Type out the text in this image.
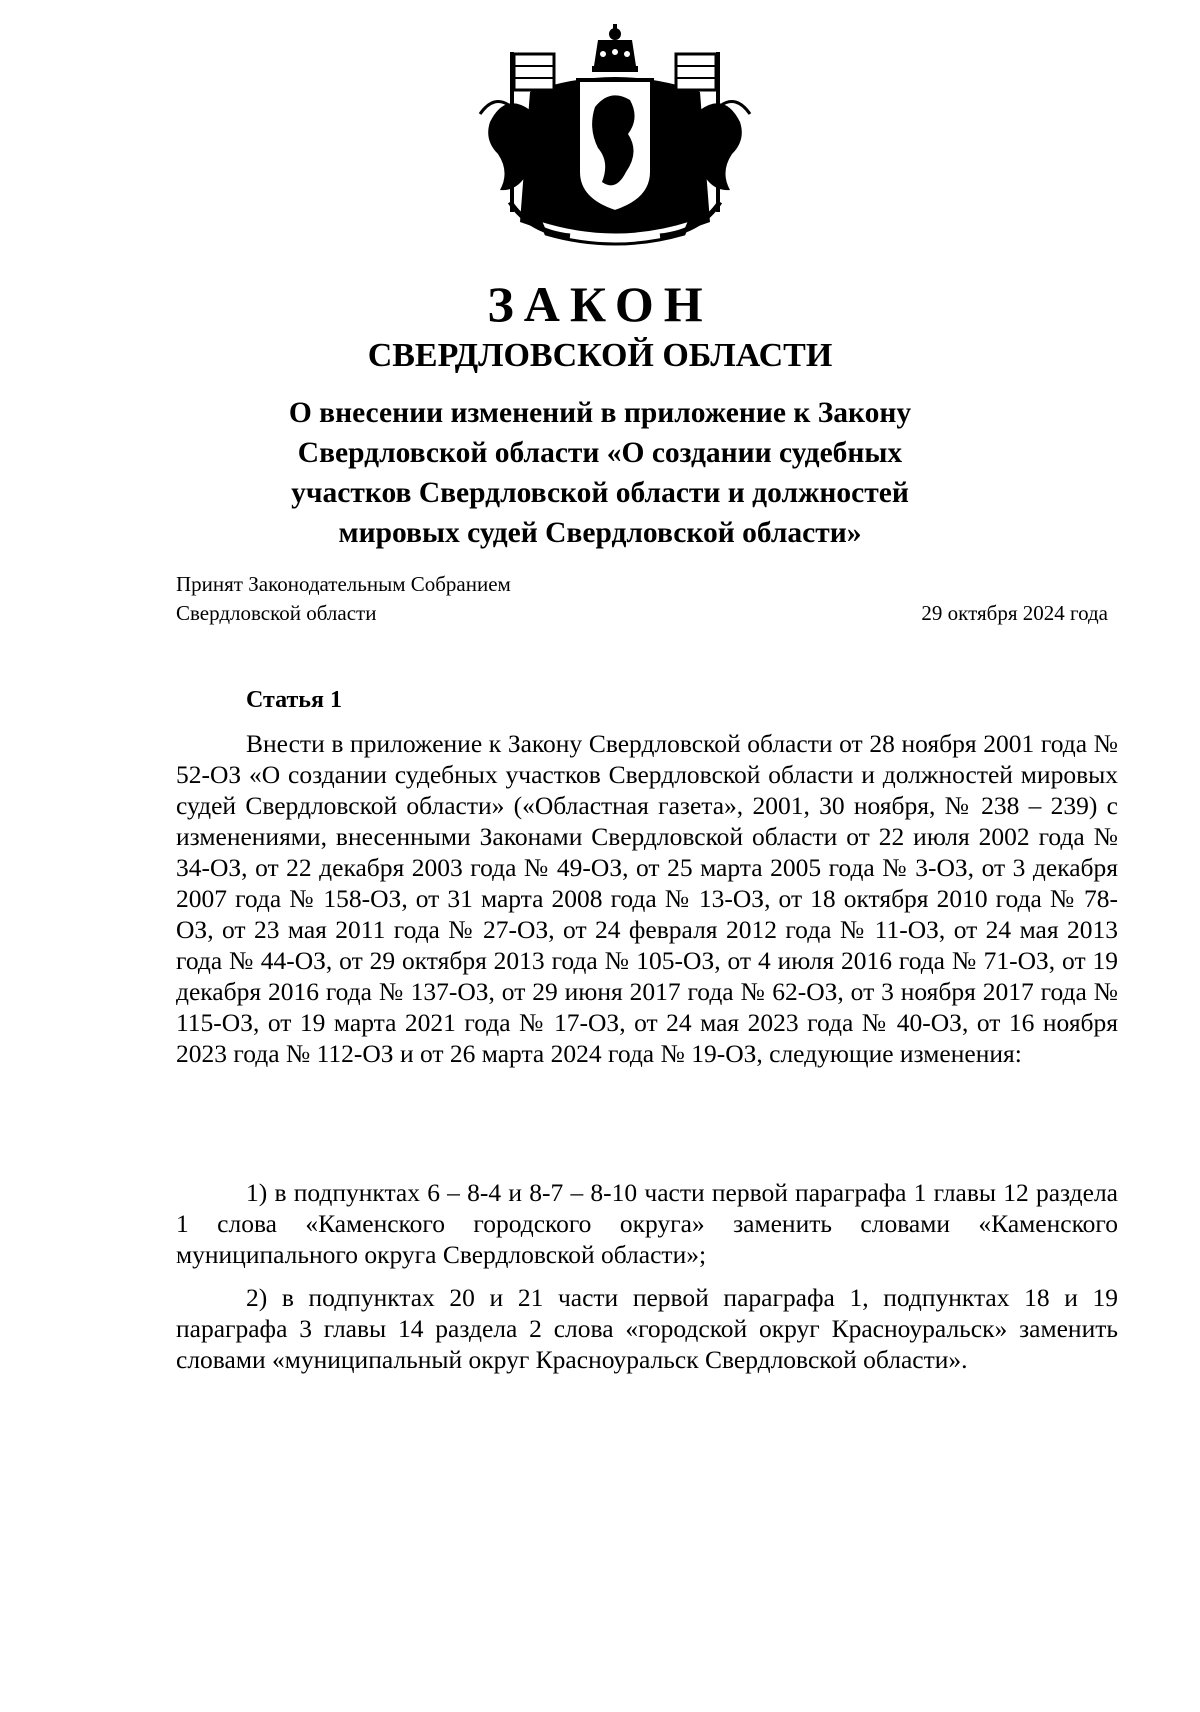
ЗАКОН
СВЕРДЛОВСКОЙ ОБЛАСТИ
О внесении изменений в приложение к Закону Свердловской области «О создании судебных участков Свердловской области и должностей мировых судей Свердловской области»
Принят Законодательным Собранием
Свердловской области	29 октября 2024 года
Статья 1

Внести в приложение к Закону Свердловской области от 28 ноября 2001 года № 52-ОЗ «О создании судебных участков Свердловской области и должностей мировых судей Свердловской области» («Областная газета», 2001, 30 ноября, № 238 – 239) с изменениями, внесенными Законами Свердловской области от 22 июля 2002 года № 34-ОЗ, от 22 декабря 2003 года № 49-ОЗ, от 25 марта 2005 года № 3-ОЗ, от 3 декабря 2007 года № 158-ОЗ, от 31 марта 2008 года № 13-ОЗ, от 18 октября 2010 года № 78-ОЗ, от 23 мая 2011 года № 27-ОЗ, от 24 февраля 2012 года № 11-ОЗ, от 24 мая 2013 года № 44-ОЗ, от 29 октября 2013 года № 105-ОЗ, от 4 июля 2016 года № 71-ОЗ, от 19 декабря 2016 года № 137-ОЗ, от 29 июня 2017 года № 62-ОЗ, от 3 ноября 2017 года № 115-ОЗ, от 19 марта 2021 года № 17-ОЗ, от 24 мая 2023 года № 40-ОЗ, от 16 ноября 2023 года № 112-ОЗ и от 26 марта 2024 года № 19-ОЗ, следующие изменения:

1) в подпунктах 6 – 8-4 и 8-7 – 8-10 части первой параграфа 1 главы 12 раздела 1 слова «Каменского городского округа» заменить словами «Каменского муниципального округа Свердловской области»;

2) в подпунктах 20 и 21 части первой параграфа 1, подпунктах 18 и 19 параграфа 3 главы 14 раздела 2 слова «городской округ Красноуральск» заменить словами «муниципальный округ Красноуральск Свердловской области».
